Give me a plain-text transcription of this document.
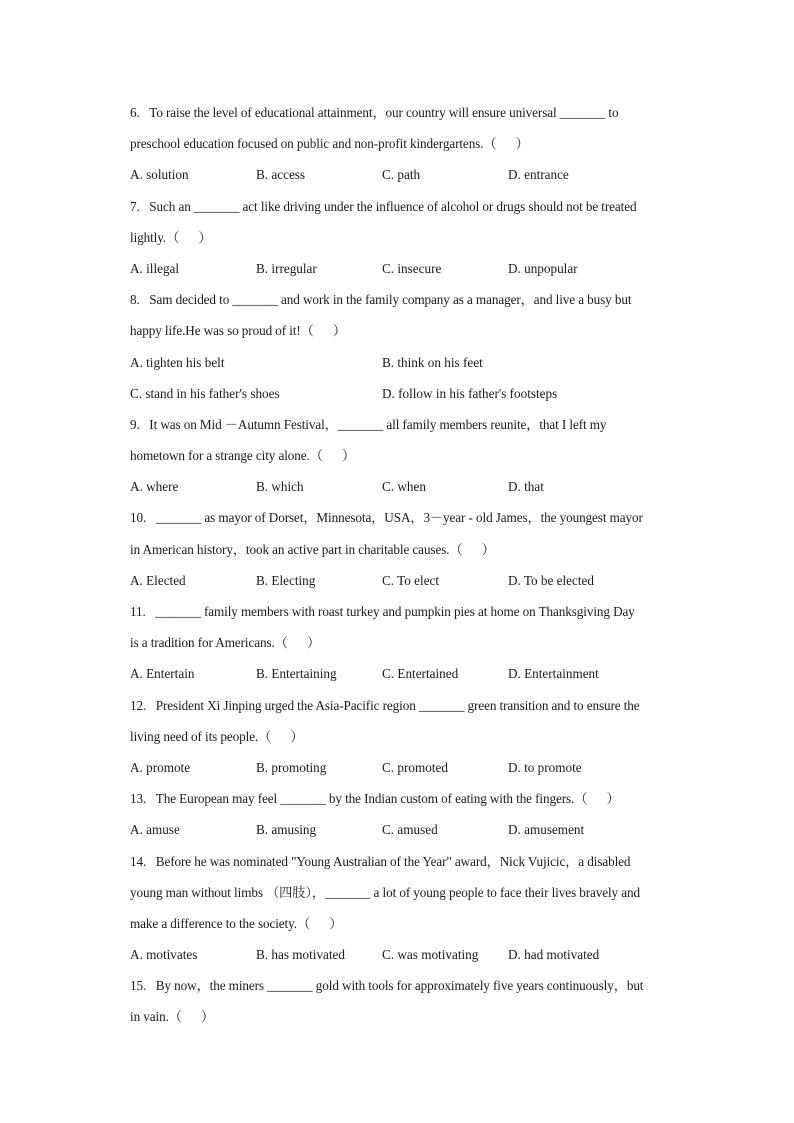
6.   To raise the level of educational attainment，our country will ensure universal _______ to
preschool education focused on public and non-profit kindergartens.（      ）
A. solution	B. access	C. path	D. entrance
7.   Such an _______ act like driving under the influence of alcohol or drugs should not be treated
lightly.（      ）
A. illegal	B. irregular	C. insecure	D. unpopular
8.   Sam decided to _______ and work in the family company as a manager，and live a busy but
happy life.He was so proud of it!（      ）
A. tighten his belt	B. think on his feet
C. stand in his father's shoes	D. follow in his father's footsteps
9.   It was on Mid －Autumn Festival，_______ all family members reunite，that I left my
hometown for a strange city alone.（      ）
A. where	B. which	C. when	D. that
10.   _______ as mayor of Dorset，Minnesota，USA，3－year - old James，the youngest mayor
in American history，took an active part in charitable causes.（      ）
A. Elected	B. Electing	C. To elect	D. To be elected
11.   _______ family members with roast turkey and pumpkin pies at home on Thanksgiving Day
is a tradition for Americans.（      ）
A. Entertain	B. Entertaining	C. Entertained	D. Entertainment
12.   President Xi Jinping urged the Asia-Pacific region _______ green transition and to ensure the
living need of its people.（      ）
A. promote	B. promoting	C. promoted	D. to promote
13.   The European may feel _______ by the Indian custom of eating with the fingers.（      ）
A. amuse	B. amusing	C. amused	D. amusement
14.   Before he was nominated "Young Australian of the Year" award，Nick Vujicic，a disabled
young man without limbs （四肢），_______ a lot of young people to face their lives bravely and
make a difference to the society.（      ）
A. motivates	B. has motivated	C. was motivating D. had motivated
15.   By now，the miners _______ gold with tools for approximately five years continuously，but
in vain.（      ）
